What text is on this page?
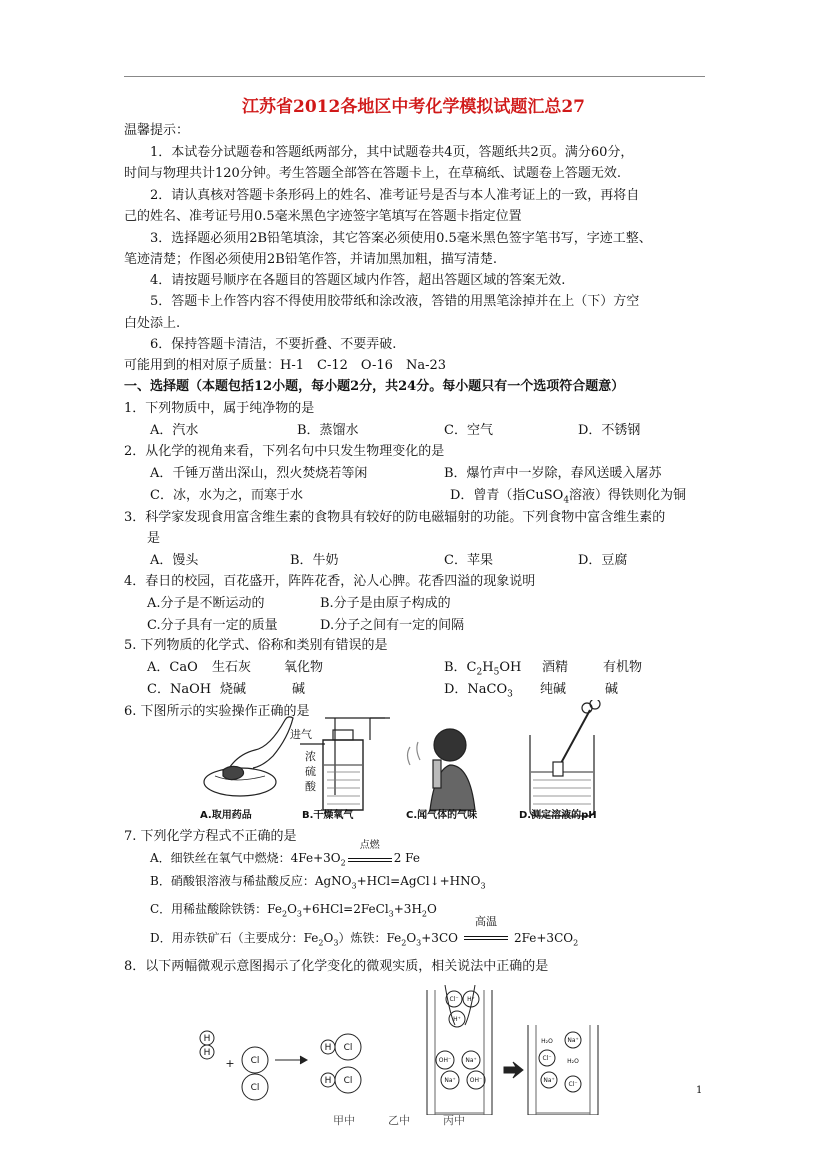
江苏省2012各地区中考化学模拟试题汇总27
温馨提示：
1．本试卷分试题卷和答题纸两部分，其中试题卷共4页，答题纸共2页。满分60分，
时间与物理共计120分钟。考生答题全部答在答题卡上，在草稿纸、试题卷上答题无效.
2．请认真核对答题卡条形码上的姓名、准考证号是否与本人准考证上的一致，再将自
己的姓名、准考证号用0.5毫米黑色字迹签字笔填写在答题卡指定位置
3．选择题必须用2B铅笔填涂，其它答案必须使用0.5毫米黑色签字笔书写，字迹工整、
笔迹清楚；作图必须使用2B铅笔作答，并请加黑加粗，描写清楚.
4．请按题号顺序在各题目的答题区域内作答，超出答题区域的答案无效.
5．答题卡上作答内容不得使用胶带纸和涂改液，答错的用黑笔涂掉并在上（下）方空
白处添上.
6．保持答题卡清洁，不要折叠、不要弄破.
可能用到的相对原子质量：H-1　C-12　O-16　Na-23
一、选择题（本题包括12小题，每小题2分，共24分。每小题只有一个选项符合题意）
1．下列物质中，属于纯净物的是
A．汽水	B．蒸馏水	C．空气	D．不锈钢
2．从化学的视角来看，下列名句中只发生物理变化的是
A．千锤万凿出深山，烈火焚烧若等闲	B．爆竹声中一岁除，春风送暖入屠苏
C．冰，水为之，而寒于水	D．曾青（指CuSO$_4$溶液）得铁则化为铜
3．科学家发现食用富含维生素的食物具有较好的防电磁辐射的功能。下列食物中富含维生素的
是
A．馒头	B．牛奶	C．苹果	D．豆腐
4．春日的校园，百花盛开，阵阵花香，沁人心脾。花香四溢的现象说明
A.分子是不断运动的	B.分子是由原子构成的
C.分子具有一定的质量	D.分子之间有一定的间隔
5. 下列物质的化学式、俗称和类别有错误的是
A．CaO 生石灰	氧化物	B．$C_2H_5OH$ 酒精	有机物
C．NaOH 烧碱	碱	D．NaCO$_3$ 纯碱	碱
6. 下图所示的实验操作正确的是
进气
浓
硫
酸
A.取用药品	B.干燥氧气	C.闻气体的气味	D.测定溶液的pH
7. 下列化学方程式不正确的是
A．细铁丝在氧气中燃烧：$4Fe+3O_2$
点燃
2 Fe
B．硝酸银溶液与稀盐酸反应：$AgNO_3+HCl=AgCl↓+HNO_3$
C．用稀盐酸除铁锈：$Fe_2O_3+6HCl=2FeCl_3+3H_2O$
D．用赤铁矿石（主要成分：$Fe_2O_3$）炼铁：$Fe_2O_3+3CO$
高温
$2Fe+3CO_2$
8．以下两幅微观示意图揭示了化学变化的微观实质，相关说法中正确的是
H
H
+ Cl
Cl
H Cl
H Cl
Cl⁻ H⁺
H⁺
OH⁻ Na⁺
Na⁺ OH⁻
H₂O Na⁺
Cl⁻	H₂O
Na⁺
Cl⁻
甲中　　　乙中　　　丙中
1
